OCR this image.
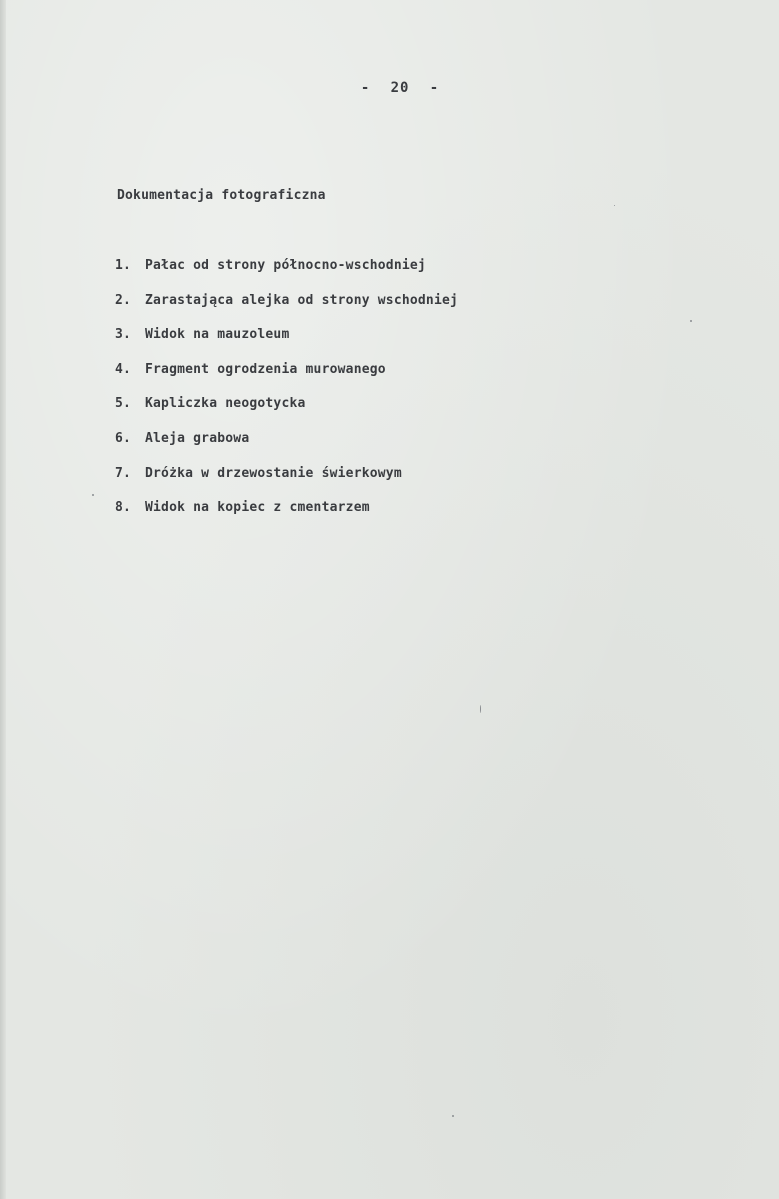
- 20 -
Dokumentacja fotograficzna
1. Pałac od strony północno-wschodniej
2. Zarastająca alejka od strony wschodniej
3. Widok na mauzoleum
4. Fragment ogrodzenia murowanego
5. Kapliczka neogotycka
6. Aleja grabowa
7. Dróżka w drzewostanie świerkowym
8. Widok na kopiec z cmentarzem
